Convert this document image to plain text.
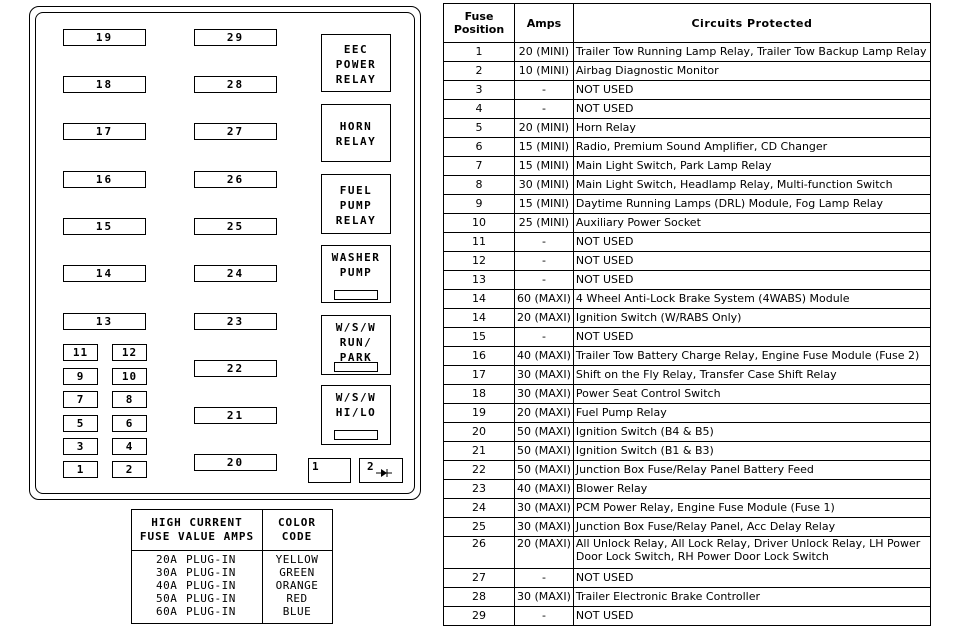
19
18
17
16
15
14
13
29
28
27
26
25
24
23
22
21
20
11	12
9	10
7	8
5	6
3	4
1	2
EEC
POWER
RELAY
HORN
RELAY
FUEL
PUMP
RELAY
WASHER
PUMP
W/S/W
RUN/
PARK
W/S/W
HI/LO
1	2
HIGH CURRENT
FUSE VALUE AMPS
COLOR
CODE
20A PLUG-IN	YELLOW
30A PLUG-IN	GREEN
40A PLUG-IN	ORANGE
50A PLUG-IN	RED
60A PLUG-IN	BLUE
Fuse Position	Amps	Circuits Protected
1	20 (MINI)	Trailer Tow Running Lamp Relay, Trailer Tow Backup Lamp Relay
2	10 (MINI)	Airbag Diagnostic Monitor
3	-	NOT USED
4	-	NOT USED
5	20 (MINI)	Horn Relay
6	15 (MINI)	Radio, Premium Sound Amplifier, CD Changer
7	15 (MINI)	Main Light Switch, Park Lamp Relay
8	30 (MINI)	Main Light Switch, Headlamp Relay, Multi-function Switch
9	15 (MINI)	Daytime Running Lamps (DRL) Module, Fog Lamp Relay
10	25 (MINI)	Auxiliary Power Socket
11	-	NOT USED
12	-	NOT USED
13	-	NOT USED
14	60 (MAXI)	4 Wheel Anti-Lock Brake System (4WABS) Module
14	20 (MAXI)	Ignition Switch (W/RABS Only)
15	-	NOT USED
16	40 (MAXI)	Trailer Tow Battery Charge Relay, Engine Fuse Module (Fuse 2)
17	30 (MAXI)	Shift on the Fly Relay, Transfer Case Shift Relay
18	30 (MAXI)	Power Seat Control Switch
19	20 (MAXI)	Fuel Pump Relay
20	50 (MAXI)	Ignition Switch (B4 & B5)
21	50 (MAXI)	Ignition Switch (B1 & B3)
22	50 (MAXI)	Junction Box Fuse/Relay Panel Battery Feed
23	40 (MAXI)	Blower Relay
24	30 (MAXI)	PCM Power Relay, Engine Fuse Module (Fuse 1)
25	30 (MAXI)	Junction Box Fuse/Relay Panel, Acc Delay Relay
26	20 (MAXI)	All Unlock Relay, All Lock Relay, Driver Unlock Relay, LH Power Door Lock Switch, RH Power Door Lock Switch
27	-	NOT USED
28	30 (MAXI)	Trailer Electronic Brake Controller
29	-	NOT USED
